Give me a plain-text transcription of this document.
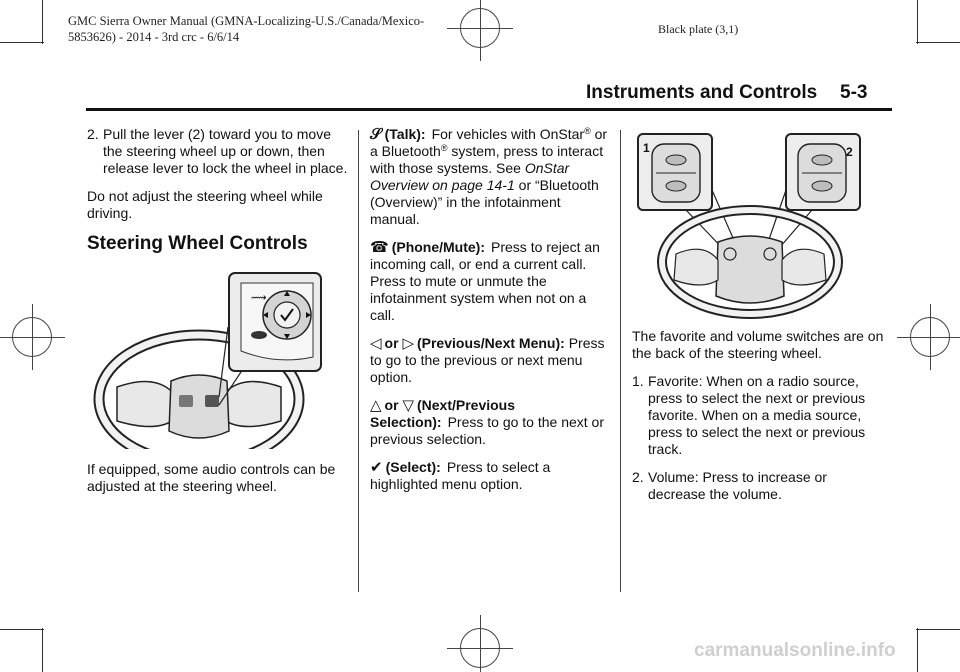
GMC Sierra Owner Manual (GMNA-Localizing-U.S./Canada/Mexico-
5853626) - 2014 - 3rd crc - 6/6/14
Black plate (3,1)
Instruments and Controls 5-3
2. Pull the lever (2) toward you to move the steering wheel up or down, then release lever to lock the wheel in place.

Do not adjust the steering wheel while driving.

Steering Wheel Controls
⟿

If equipped, some audio controls can be adjusted at the steering wheel.

𝒮 (Talk): For vehicles with OnStar® or a Bluetooth® system, press to interact with those systems. See OnStar Overview on page 14-1 or “Bluetooth (Overview)” in the infotainment manual.

☎ (Phone/Mute): Press to reject an incoming call, or end a current call. Press to mute or unmute the infotainment system when not on a call.

◁ or ▷ (Previous/Next Menu): Press to go to the previous or next menu option.

△ or ▽ (Next/Previous Selection): Press to go to the next or previous selection.

✔ (Select): Press to select a highlighted menu option.

1	2

The favorite and volume switches are on the back of the steering wheel.

1. Favorite: When on a radio source, press to select the next or previous favorite. When on a media source, press to select the next or previous track.
2. Volume: Press to increase or decrease the volume.
carmanualsonline.info
